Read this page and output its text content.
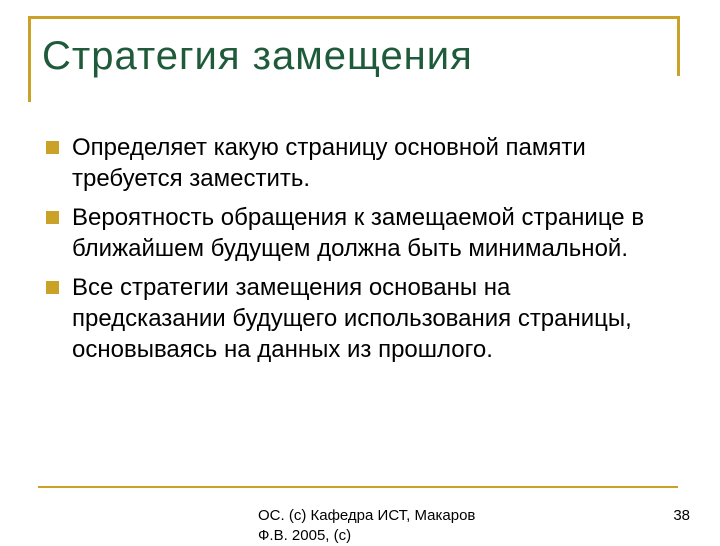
Стратегия замещения
Определяет какую страницу основной памяти требуется заместить.
Вероятность обращения к замещаемой странице в ближайшем будущем должна быть минимальной.
Все стратегии замещения основаны на предсказании будущего использования страницы, основываясь на данных из прошлого.
ОС. (с) Кафедра ИСТ, Макаров Ф.В. 2005, (с)
38
